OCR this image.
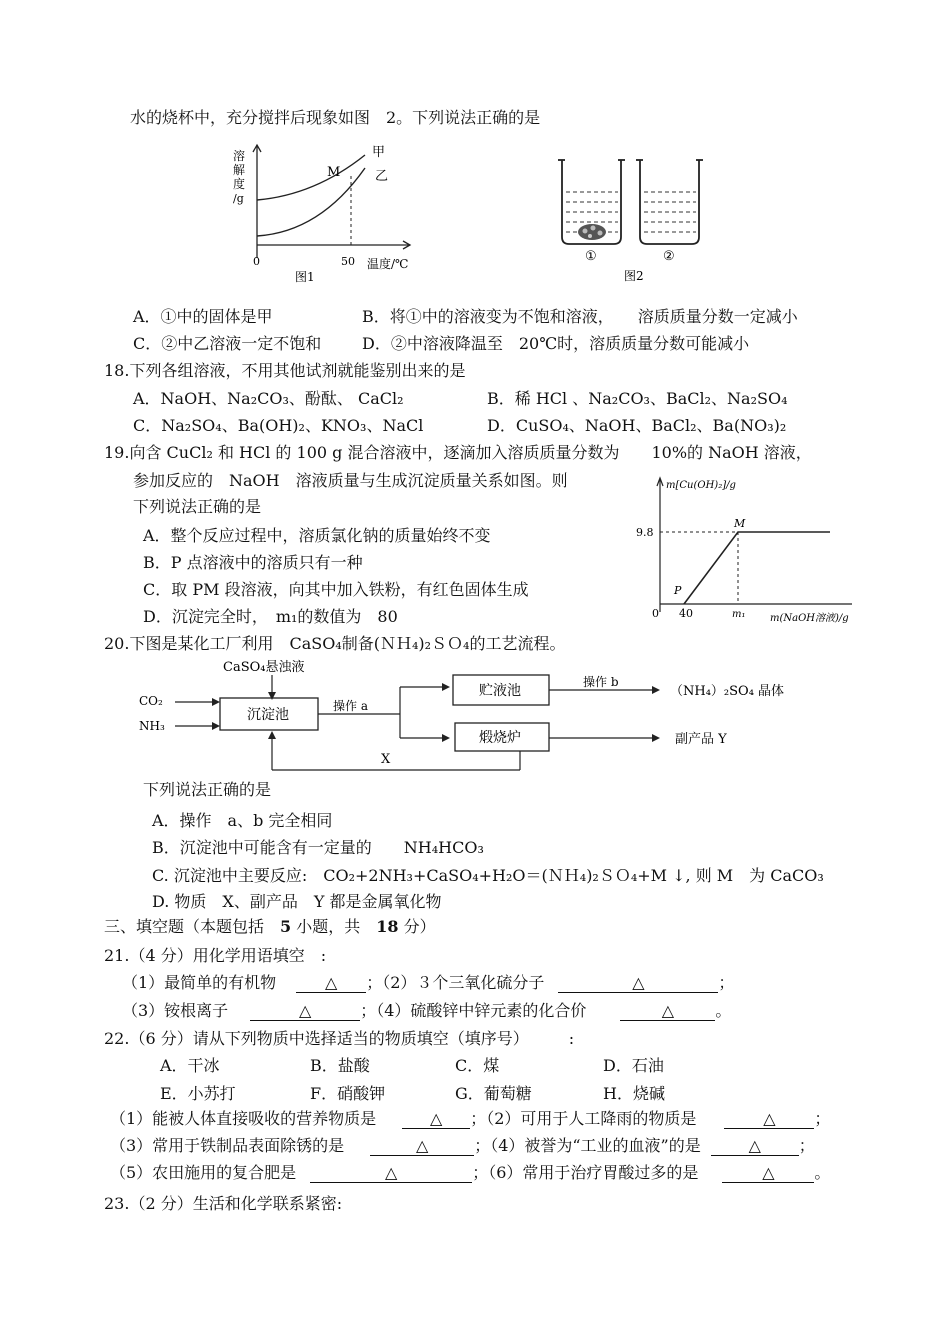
水的烧杯中，充分搅拌后现象如图　2。下列说法正确的是
溶
解
度
/g
甲
乙
M
0	50 温度/℃
图1
①	②
图2
A．①中的固体是甲	B．将①中的溶液变为不饱和溶液，　　溶质质量分数一定减小
C．②中乙溶液一定不饱和	D．②中溶液降温至　20℃时，溶质质量分数可能减小
18.下列各组溶液，不用其他试剂就能鉴别出来的是
A．NaOH、Na₂CO₃、酚酞、 CaCl₂	B．稀 HCl 、Na₂CO₃、BaCl₂、Na₂SO₄
C．Na₂SO₄、Ba(OH)₂、KNO₃、NaCl	D．CuSO₄、NaOH、BaCl₂、Ba(NO₃)₂
19.向含 CuCl₂ 和 HCl 的 100 g 混合溶液中，逐滴加入溶质质量分数为　　10%的 NaOH 溶液，
参加反应的　NaOH　溶液质量与生成沉淀质量关系如图。则
下列说法正确的是
A．整个反应过程中，溶质氯化钠的质量始终不变
B．P 点溶液中的溶质只有一种
C．取 PM 段溶液，向其中加入铁粉，有红色固体生成
D．沉淀完全时，　m₁的数值为　80
m[Cu(OH)₂]/g
9.8
0 40	m₁ m(NaOH溶液)/g
P
M
20.下图是某化工厂利用　CaSO₄制备(ＮＨ₄)₂ＳＯ₄的工艺流程。
CaSO₄悬浊液
CO₂
NH₃
沉淀池
操作 a
贮液池
煅烧炉
操作 b
（NH₄）₂SO₄ 晶体
副产品 Y
X
下列说法正确的是
A．操作　a、b 完全相同
B．沉淀池中可能含有一定量的　　NH₄HCO₃
C. 沉淀池中主要反应:　CO₂+2NH₃+CaSO₄+H₂O＝(ＮＨ₄)₂ＳＯ₄+M ↓, 则 M　为 CaCO₃
D. 物质　X、副产品　Y 都是金属氧化物
三、填空题（本题包括　5 小题，共　18 分）
21.（4 分）用化学用语填空　:
（1）最简单的有机物	△ ；（2）３个三氧化硫分子	△	；
（3）铵根离子	△	；（4）硫酸锌中锌元素的化合价	△	。
22.（6 分）请从下列物质中选择适当的物质填空（填序号）　　　:
A．干冰	B．盐酸	C．煤	D．石油
E．小苏打	F．硝酸钾	G．葡萄糖	H．烧碱
（1）能被人体直接吸收的营养物质是	△ ；（2）可用于人工降雨的物质是	△ ；
（3）常用于铁制品表面除锈的是	△	；（4）被誉为“工业的血液”的是	△ ；
（5）农田施用的复合肥是	△	；（6）常用于治疗胃酸过多的是	△ 。
23.（2 分）生活和化学联系紧密:
